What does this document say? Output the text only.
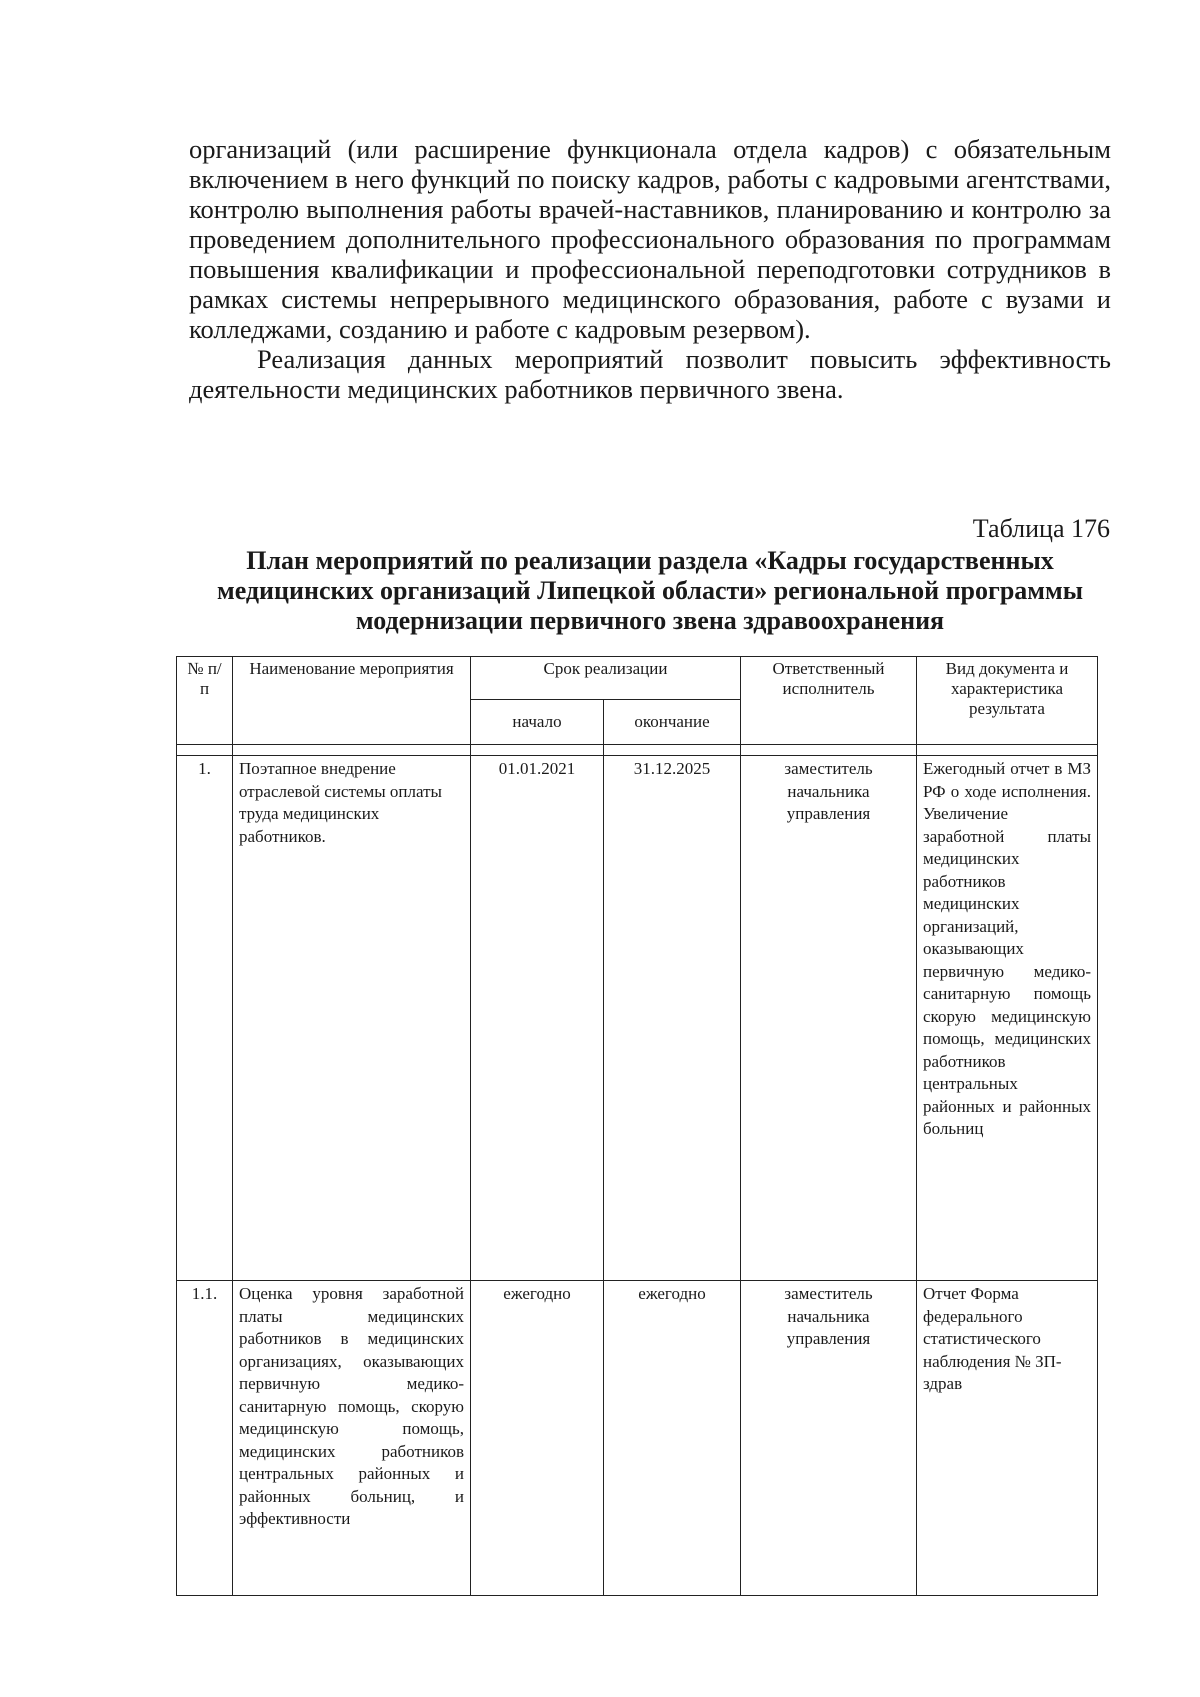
организаций (или расширение функционала отдела кадров) с обязательным включением в него функций по поиску кадров, работы с кадровыми агентствами, контролю выполнения работы врачей-наставников, планированию и контролю за проведением дополнительного профессионального образования по программам повышения квалификации и профессиональной переподготовки сотрудников в рамках системы непрерывного медицинского образования, работе с вузами и колледжами, созданию и работе с кадровым резервом).

Реализация данных мероприятий позволит повысить эффективность деятельности медицинских работников первичного звена.

Таблица 176
План мероприятий по реализации раздела «Кадры государственных медицинских организаций Липецкой области» региональной программы модернизации первичного звена здравоохранения
№ п/п	Наименование мероприятия	Срок реализации		Ответственный исполнитель	Вид документа и характеристика результата
		начало	окончание		

1.	Поэтапное внедрение отраслевой системы оплаты труда медицинских работников.	01.01.2021	31.12.2025	заместитель начальника управления	Ежегодный отчет в МЗ РФ о ходе исполнения. Увеличение заработной платы медицинских работников медицинских организаций, оказывающих первичную медико-санитарную помощь скорую медицинскую помощь, медицинских работников центральных районных и районных больниц
1.1.	Оценка уровня заработной платы медицинских работников в медицинских организациях, оказывающих первичную медико-санитарную помощь, скорую медицинскую помощь, медицинских работников центральных районных и районных больниц, и эффективности	ежегодно	ежегодно	заместитель начальника управления	Отчет Форма федерального статистического наблюдения № ЗП-здрав
